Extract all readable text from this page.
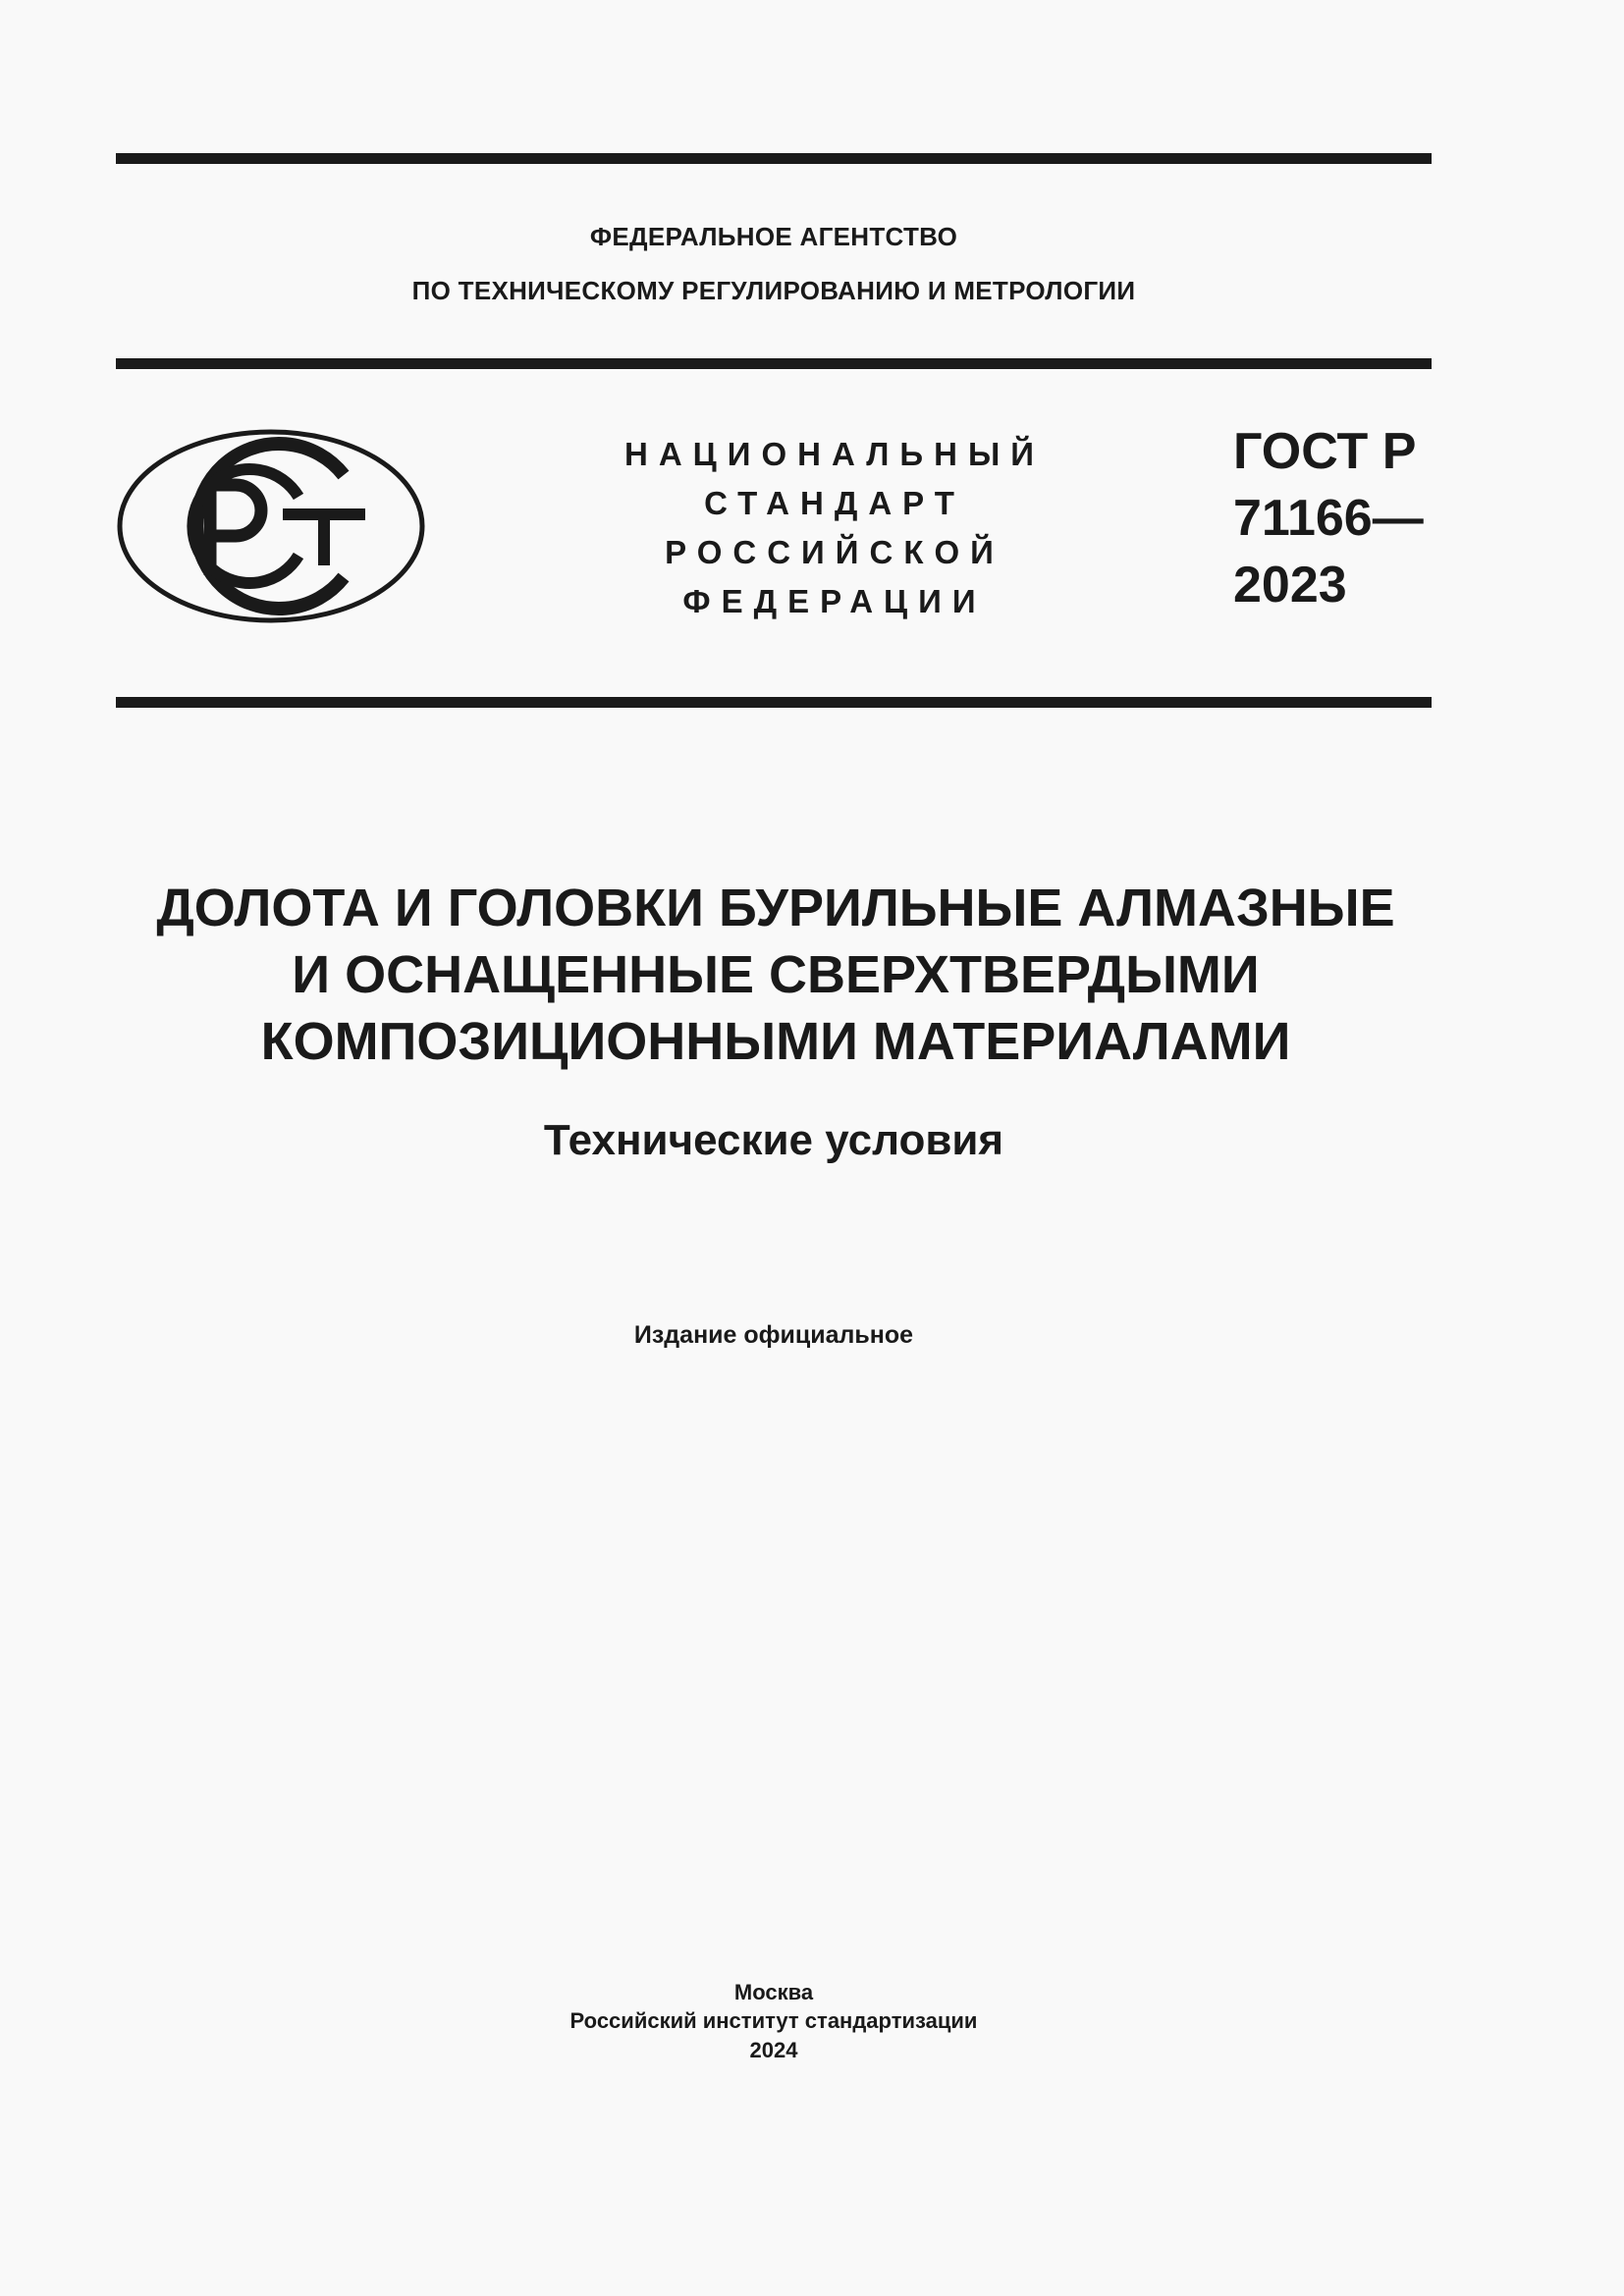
ФЕДЕРАЛЬНОЕ АГЕНТСТВО
ПО ТЕХНИЧЕСКОМУ РЕГУЛИРОВАНИЮ И МЕТРОЛОГИИ
НАЦИОНАЛЬНЫЙ
СТАНДАРТ
РОССИЙСКОЙ
ФЕДЕРАЦИИ
ГОСТ Р
71166—
2023
ДОЛОТА И ГОЛОВКИ БУРИЛЬНЫЕ АЛМАЗНЫЕ
И ОСНАЩЕННЫЕ СВЕРХТВЕРДЫМИ
КОМПОЗИЦИОННЫМИ МАТЕРИАЛАМИ
Технические условия
Издание официальное
Москва
Российский институт стандартизации
2024
